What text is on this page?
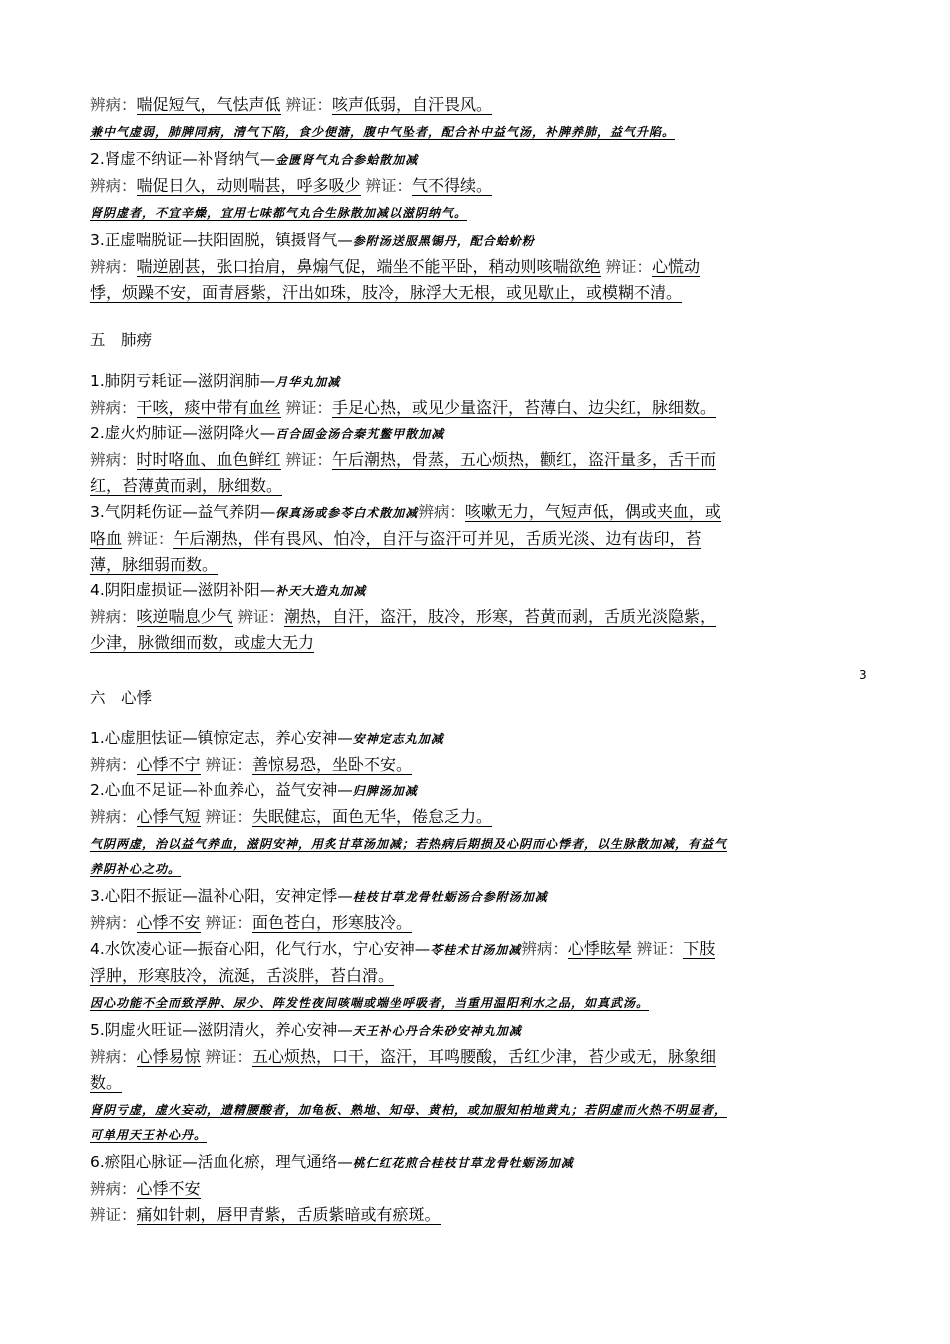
辨病：喘促短气，气怯声低 辨证：咳声低弱，自汗畏风。

兼中气虚弱，肺脾同病，清气下陷，食少便溏，腹中气坠者，配合补中益气汤，补脾养肺，益气升陷。

2.肾虚不纳证—补肾纳气—金匮肾气丸合参蛤散加减

辨病：喘促日久，动则喘甚，呼多吸少 辨证：气不得续。

肾阴虚者，不宜辛燥，宜用七味都气丸合生脉散加减以滋阴纳气。

3.正虚喘脱证—扶阳固脱，镇摄肾气—参附汤送服黑锡丹，配合蛤蚧粉

辨病：喘逆剧甚，张口抬肩，鼻煽气促，端坐不能平卧，稍动则咳喘欲绝 辨证：心慌动悸，烦躁不安，面青唇紫，汗出如珠，肢冷，脉浮大无根，或见歇止，或模糊不清。

五　肺痨

1.肺阴亏耗证—滋阴润肺—月华丸加减

辨病：干咳，痰中带有血丝 辨证：手足心热，或见少量盗汗，苔薄白、边尖红，脉细数。

2.虚火灼肺证—滋阴降火—百合固金汤合秦艽鳖甲散加减

辨病：时时咯血、血色鲜红 辨证：午后潮热，骨蒸，五心烦热，颧红，盗汗量多，舌干而红，苔薄黄而剥，脉细数。

3.气阴耗伤证—益气养阴—保真汤或参苓白术散加减辨病：咳嗽无力，气短声低，偶或夹血，或咯血 辨证：午后潮热，伴有畏风、怕冷，自汗与盗汗可并见，舌质光淡、边有齿印，苔薄，脉细弱而数。

4.阴阳虚损证—滋阴补阳—补天大造丸加减

辨病：咳逆喘息少气 辨证：潮热，自汗，盗汗，肢冷，形寒，苔黄而剥，舌质光淡隐紫，少津，脉微细而数，或虚大无力

六　心悸

1.心虚胆怯证—镇惊定志，养心安神—安神定志丸加减

辨病：心悸不宁 辨证：善惊易恐，坐卧不安。

2.心血不足证—补血养心，益气安神—归脾汤加减

辨病：心悸气短 辨证：失眠健忘，面色无华，倦怠乏力。

气阴两虚，治以益气养血，滋阴安神，用炙甘草汤加减；若热病后期损及心阴而心悸者，以生脉散加减，有益气养阴补心之功。

3.心阳不振证—温补心阳，安神定悸—桂枝甘草龙骨牡蛎汤合参附汤加减

辨病：心悸不安 辨证：面色苍白，形寒肢冷。

4.水饮凌心证—振奋心阳，化气行水，宁心安神—苓桂术甘汤加减辨病：心悸眩晕 辨证：下肢浮肿，形寒肢冷，流涎，舌淡胖，苔白滑。

因心功能不全而致浮肿、尿少、阵发性夜间咳喘或端坐呼吸者，当重用温阳利水之品，如真武汤。

5.阴虚火旺证—滋阴清火，养心安神—天王补心丹合朱砂安神丸加减

辨病：心悸易惊 辨证：五心烦热，口干，盗汗，耳鸣腰酸，舌红少津，苔少或无，脉象细数。

肾阴亏虚，虚火妄动，遗精腰酸者，加龟板、熟地、知母、黄柏，或加服知柏地黄丸；若阴虚而火热不明显者，可单用天王补心丹。

6.瘀阻心脉证—活血化瘀，理气通络—桃仁红花煎合桂枝甘草龙骨牡蛎汤加减

辨病：心悸不安

辨证：痛如针刺，唇甲青紫，舌质紫暗或有瘀斑。

3
